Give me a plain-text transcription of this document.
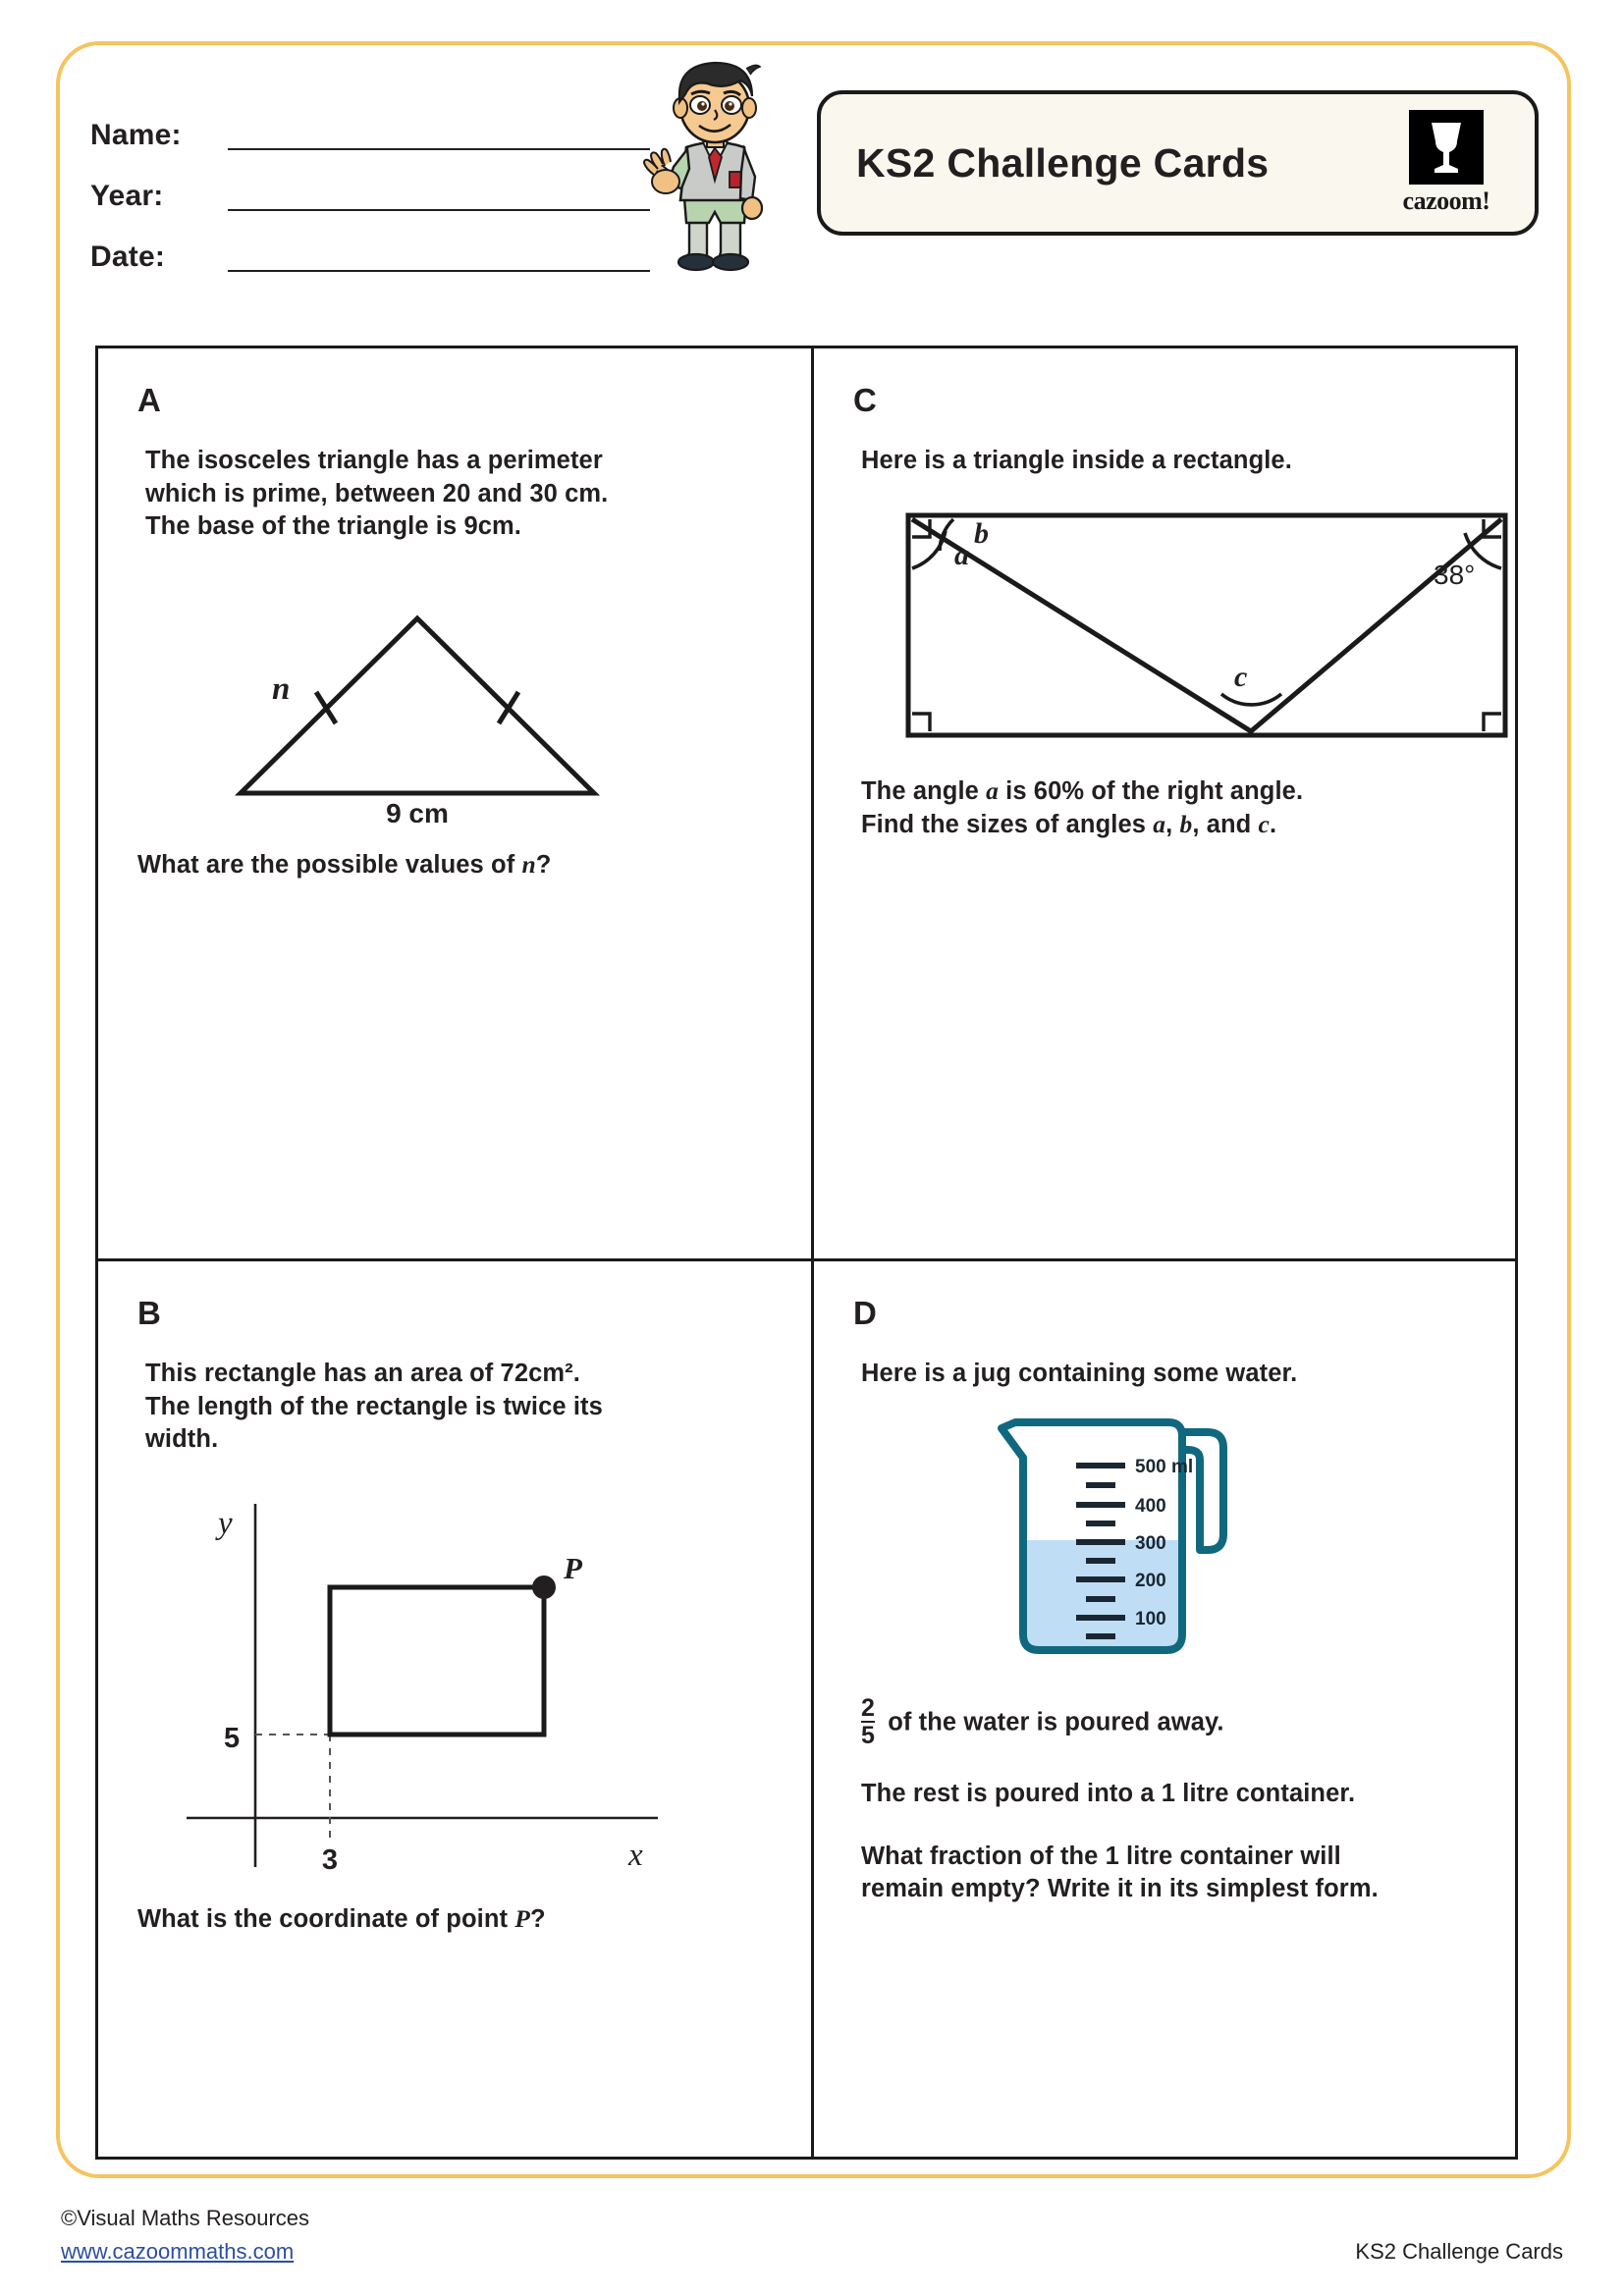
Name:
Year:
Date:
KS2 Challenge Cards
cazoom!
A
The isosceles triangle has a perimeter
which is prime, between 20 and 30 cm.
The base of the triangle is 9cm.
n
9 cm
What are the possible values of n?
C
Here is a triangle inside a rectangle.
a
b
c
38°
The angle a is 60% of the right angle.
Find the sizes of angles a, b, and c.
B
This rectangle has an area of 72cm².
The length of the rectangle is twice its
width.
y
x
P
5
3
What is the coordinate of point P?
D
Here is a jug containing some water.
500 ml
400
300
200
100
$\frac{2}{5}$ of the water is poured away.
The rest is poured into a 1 litre container.
What fraction of the 1 litre container will
remain empty? Write it in its simplest form.
©Visual Maths Resources
www.cazoommaths.com	KS2 Challenge Cards
